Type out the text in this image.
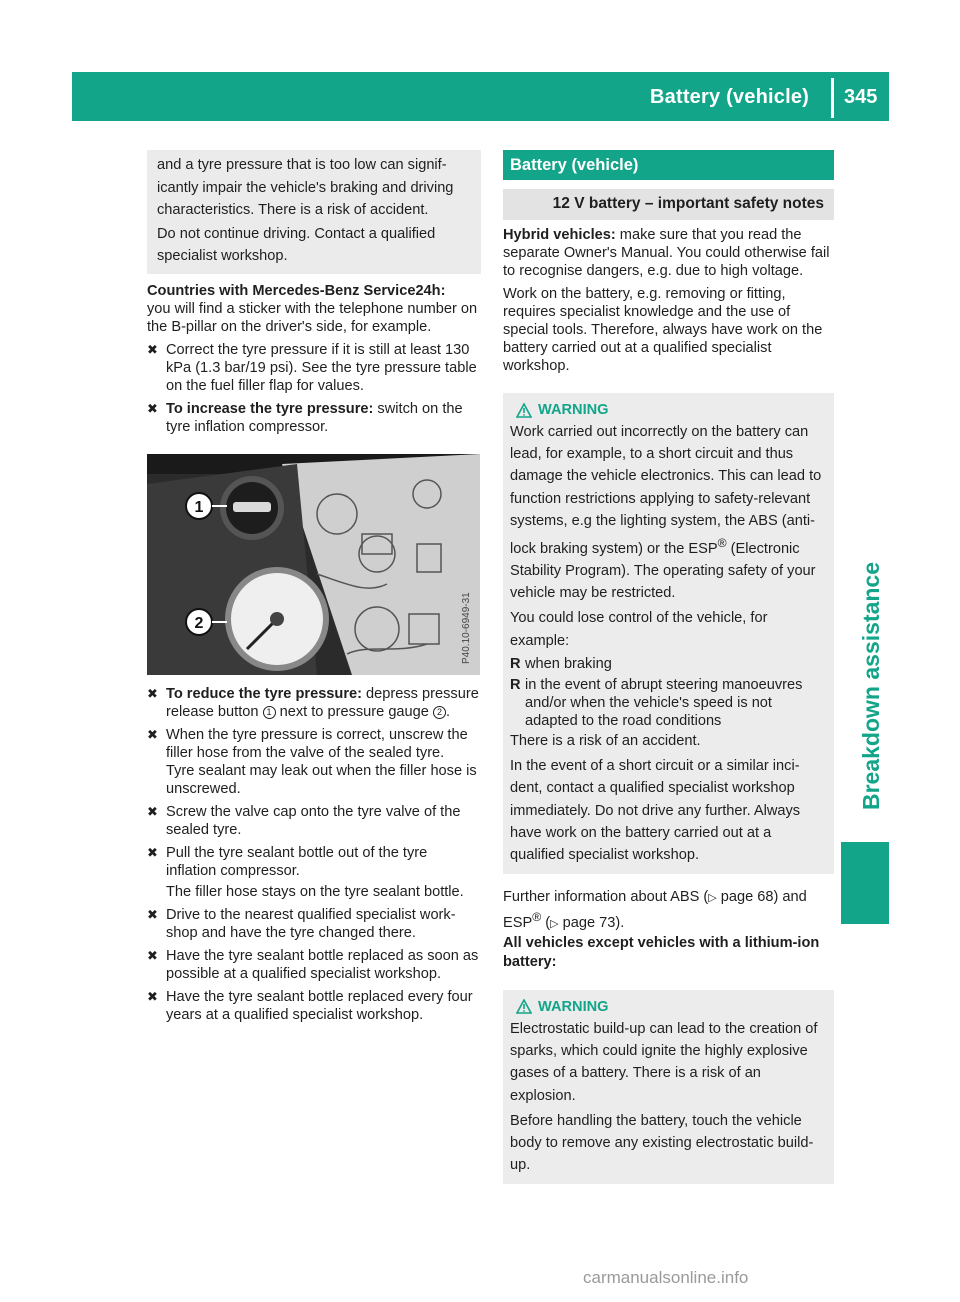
Battery (vehicle) 345
Breakdown assistance

and a tyre pressure that is too low can significantly impair the vehicle's braking and driving characteristics. There is a risk of accident.

Do not continue driving. Contact a qualified specialist workshop.

Countries with Mercedes-Benz Service24h:
you will find a sticker with the telephone number on the B-pillar on the driver's side, for example.
✖ Correct the tyre pressure if it is still at least 130 kPa (1.3 bar/19 psi). See the tyre pressure table on the fuel filler flap for values.
✖ To increase the tyre pressure: switch on the tyre inflation compressor.
1
2	P40.10-6949-31
✖ To reduce the tyre pressure: depress pressure release button 1 next to pressure gauge 2 .
✖ When the tyre pressure is correct, unscrew the filler hose from the valve of the sealed tyre.
Tyre sealant may leak out when the filler hose is unscrewed.
✖ Screw the valve cap onto the tyre valve of the sealed tyre.
✖ Pull the tyre sealant bottle out of the tyre inflation compressor.
The filler hose stays on the tyre sealant bottle.
✖ Drive to the nearest qualified specialist workshop and have the tyre changed there.
✖ Have the tyre sealant bottle replaced as soon as possible at a qualified specialist workshop.
✖ Have the tyre sealant bottle replaced every four years at a qualified specialist workshop.
Battery (vehicle)
12 V battery – important safety notes
Hybrid vehicles: make sure that you read the separate Owner's Manual. You could otherwise fail to recognise dangers, e.g. due to high voltage.
Work on the battery, e.g. removing or fitting, requires specialist knowledge and the use of special tools. Therefore, always have work on the battery carried out at a qualified specialist workshop.
WARNING

Work carried out incorrectly on the battery can lead, for example, to a short circuit and thus damage the vehicle electronics. This can lead to function restrictions applying to safety-relevant systems, e.g the lighting system, the ABS (anti-lock braking system) or the ESP® (Electronic Stability Program). The operating safety of your vehicle may be restricted.

You could lose control of the vehicle, for example:

R when braking
R in the event of abrupt steering manoeuvres and/or when the vehicle's speed is not adapted to the road conditions

There is a risk of an accident.

In the event of a short circuit or a similar incident, contact a qualified specialist workshop immediately. Do not drive any further. Always have work on the battery carried out at a qualified specialist workshop.

Further information about ABS (▷ page 68) and ESP® (▷ page 73).
All vehicles except vehicles with a lithium-ion battery:
WARNING

Electrostatic build-up can lead to the creation of sparks, which could ignite the highly explosive gases of a battery. There is a risk of an explosion.

Before handling the battery, touch the vehicle body to remove any existing electrostatic build-up.

carmanualsonline.info
